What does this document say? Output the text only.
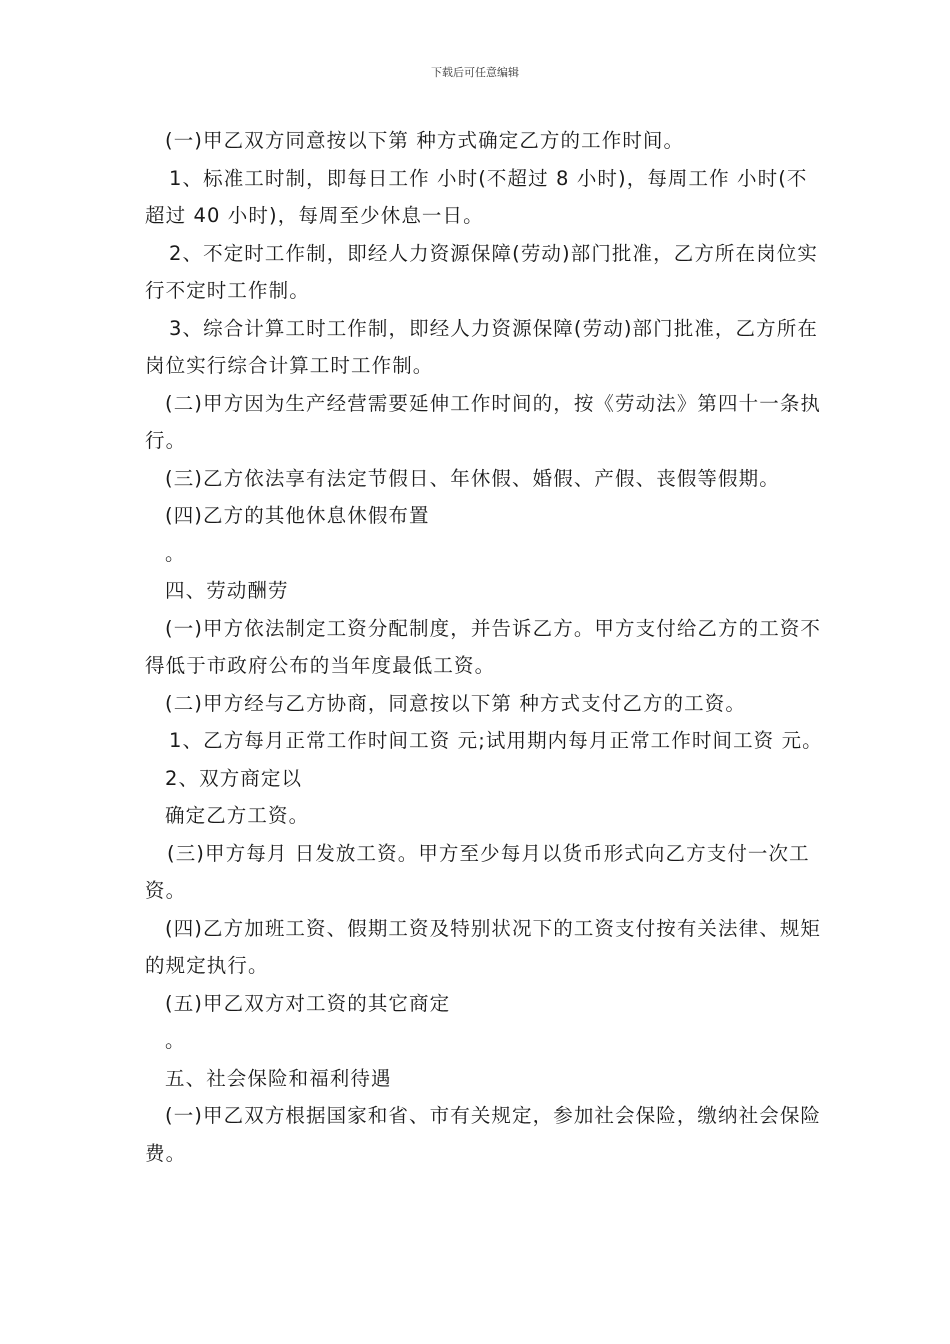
下载后可任意编辑

(一)甲乙双方同意按以下第 种方式确定乙方的工作时间。

1、标准工时制，即每日工作 小时(不超过 8 小时)，每周工作 小时(不超过 40 小时)，每周至少休息一日。

2、不定时工作制，即经人力资源保障(劳动)部门批准，乙方所在岗位实行不定时工作制。

3、综合计算工时工作制，即经人力资源保障(劳动)部门批准，乙方所在岗位实行综合计算工时工作制。

(二)甲方因为生产经营需要延伸工作时间的，按《劳动法》第四十一条执行。

(三)乙方依法享有法定节假日、年休假、婚假、产假、丧假等假期。

(四)乙方的其他休息休假布置

。

四、劳动酬劳

(一)甲方依法制定工资分配制度，并告诉乙方。甲方支付给乙方的工资不得低于市政府公布的当年度最低工资。

(二)甲方经与乙方协商，同意按以下第 种方式支付乙方的工资。

1、乙方每月正常工作时间工资 元;试用期内每月正常工作时间工资 元。

2、双方商定以

确定乙方工资。

(三)甲方每月 日发放工资。甲方至少每月以货币形式向乙方支付一次工资。

(四)乙方加班工资、假期工资及特别状况下的工资支付按有关法律、规矩的规定执行。

(五)甲乙双方对工资的其它商定

。

五、社会保险和福利待遇

(一)甲乙双方根据国家和省、市有关规定，参加社会保险，缴纳社会保险费。
